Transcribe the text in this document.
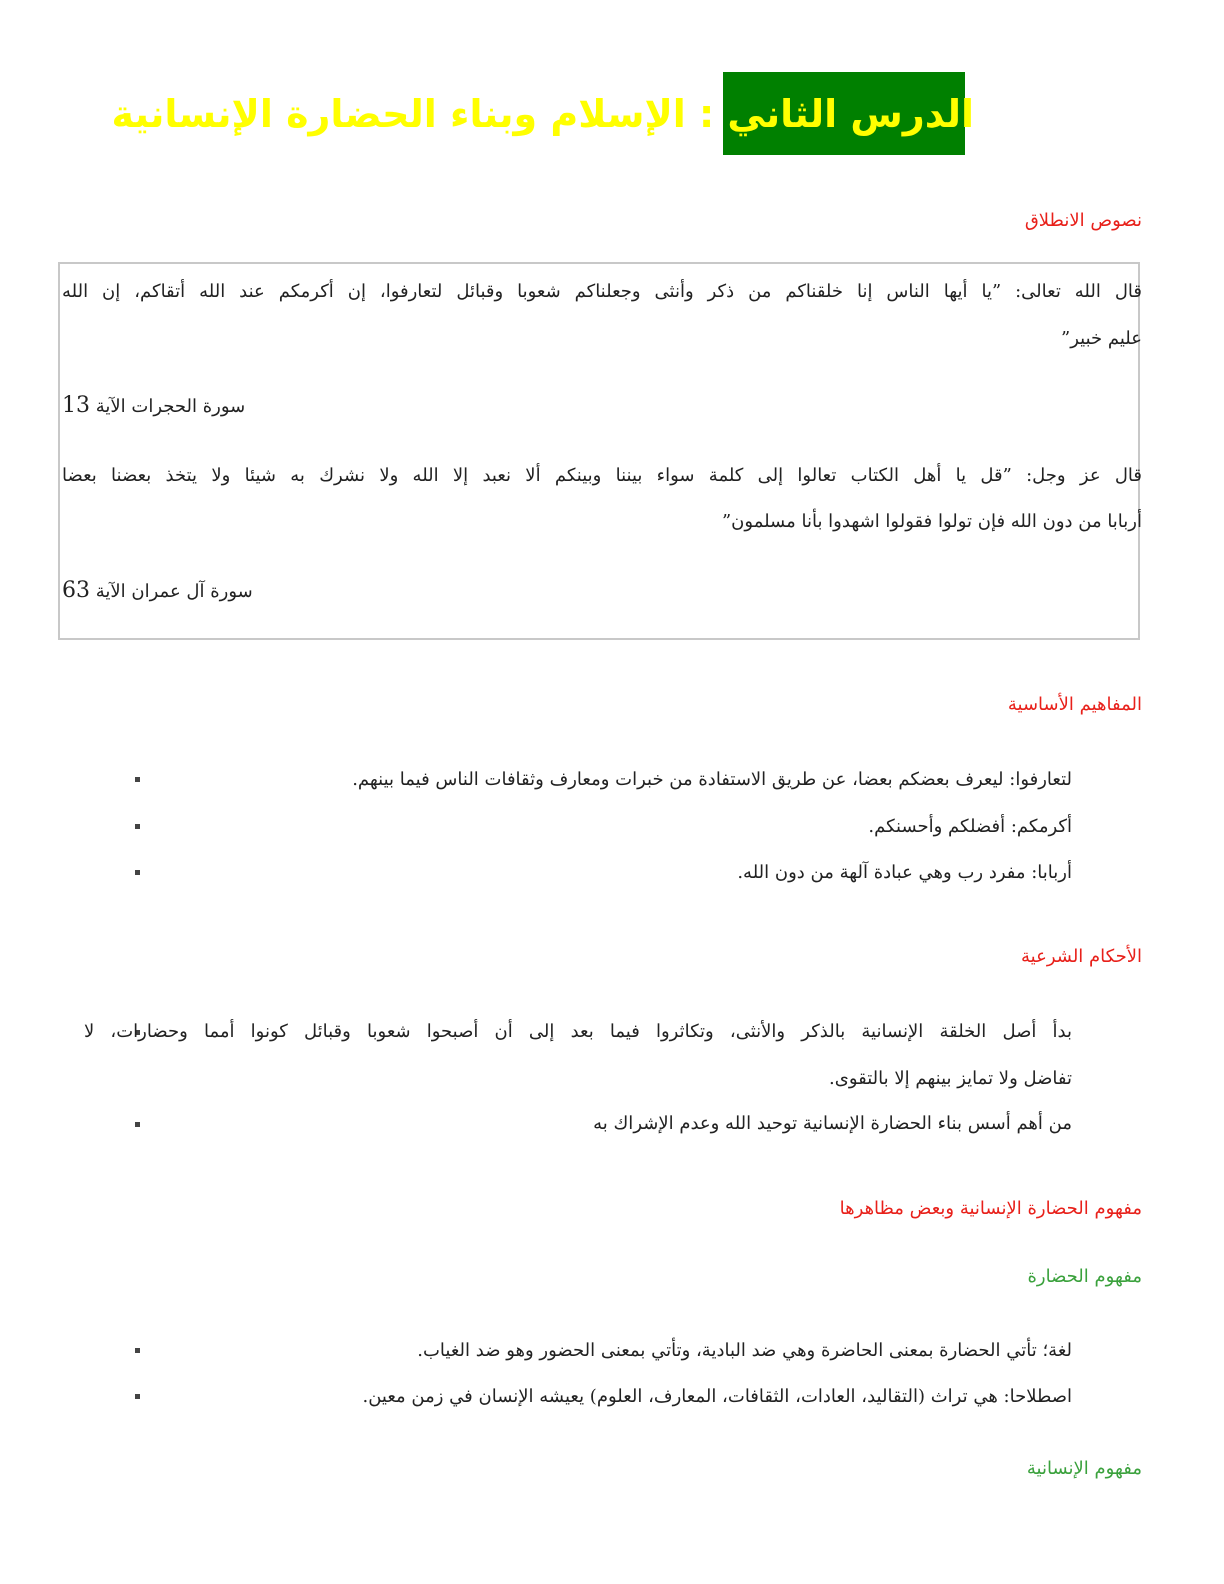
الدرس الثاني : الإسلام وبناء الحضارة الإنسانية
نصوص الانطلاق
قال الله تعالى: ”يا أيها الناس إنا خلقناكم من ذكر وأنثى وجعلناكم شعوبا وقبائل لتعارفوا، إن أكرمكم عند الله أتقاكم، إن الله
عليم خبير”
سورة الحجرات الآية 13
قال عز وجل: ”قل يا أهل الكتاب تعالوا إلى كلمة سواء بيننا وبينكم ألا نعبد إلا الله ولا نشرك به شيئا ولا يتخذ بعضنا بعضا
أربابا من دون الله فإن تولوا فقولوا اشهدوا بأنا مسلمون”
سورة آل عمران الآية 63
المفاهيم الأساسية
لتعارفوا: ليعرف بعضكم بعضا، عن طريق الاستفادة من خبرات ومعارف وثقافات الناس فيما بينهم.
أكرمكم: أفضلكم وأحسنكم.
أربابا: مفرد رب وهي عبادة آلهة من دون الله.
الأحكام الشرعية
بدأ أصل الخلقة الإنسانية بالذكر والأنثى، وتكاثروا فيما بعد إلى أن أصبحوا شعوبا وقبائل كونوا أمما وحضارات، لا
تفاضل ولا تمايز بينهم إلا بالتقوى.
من أهم أسس بناء الحضارة الإنسانية توحيد الله وعدم الإشراك به
مفهوم الحضارة الإنسانية وبعض مظاهرها
مفهوم الحضارة
لغة؛ تأتي الحضارة بمعنى الحاضرة وهي ضد البادية، وتأتي بمعنى الحضور وهو ضد الغياب.
اصطلاحا: هي تراث (التقاليد، العادات، الثقافات، المعارف، العلوم) يعيشه الإنسان في زمن معين.
مفهوم الإنسانية
